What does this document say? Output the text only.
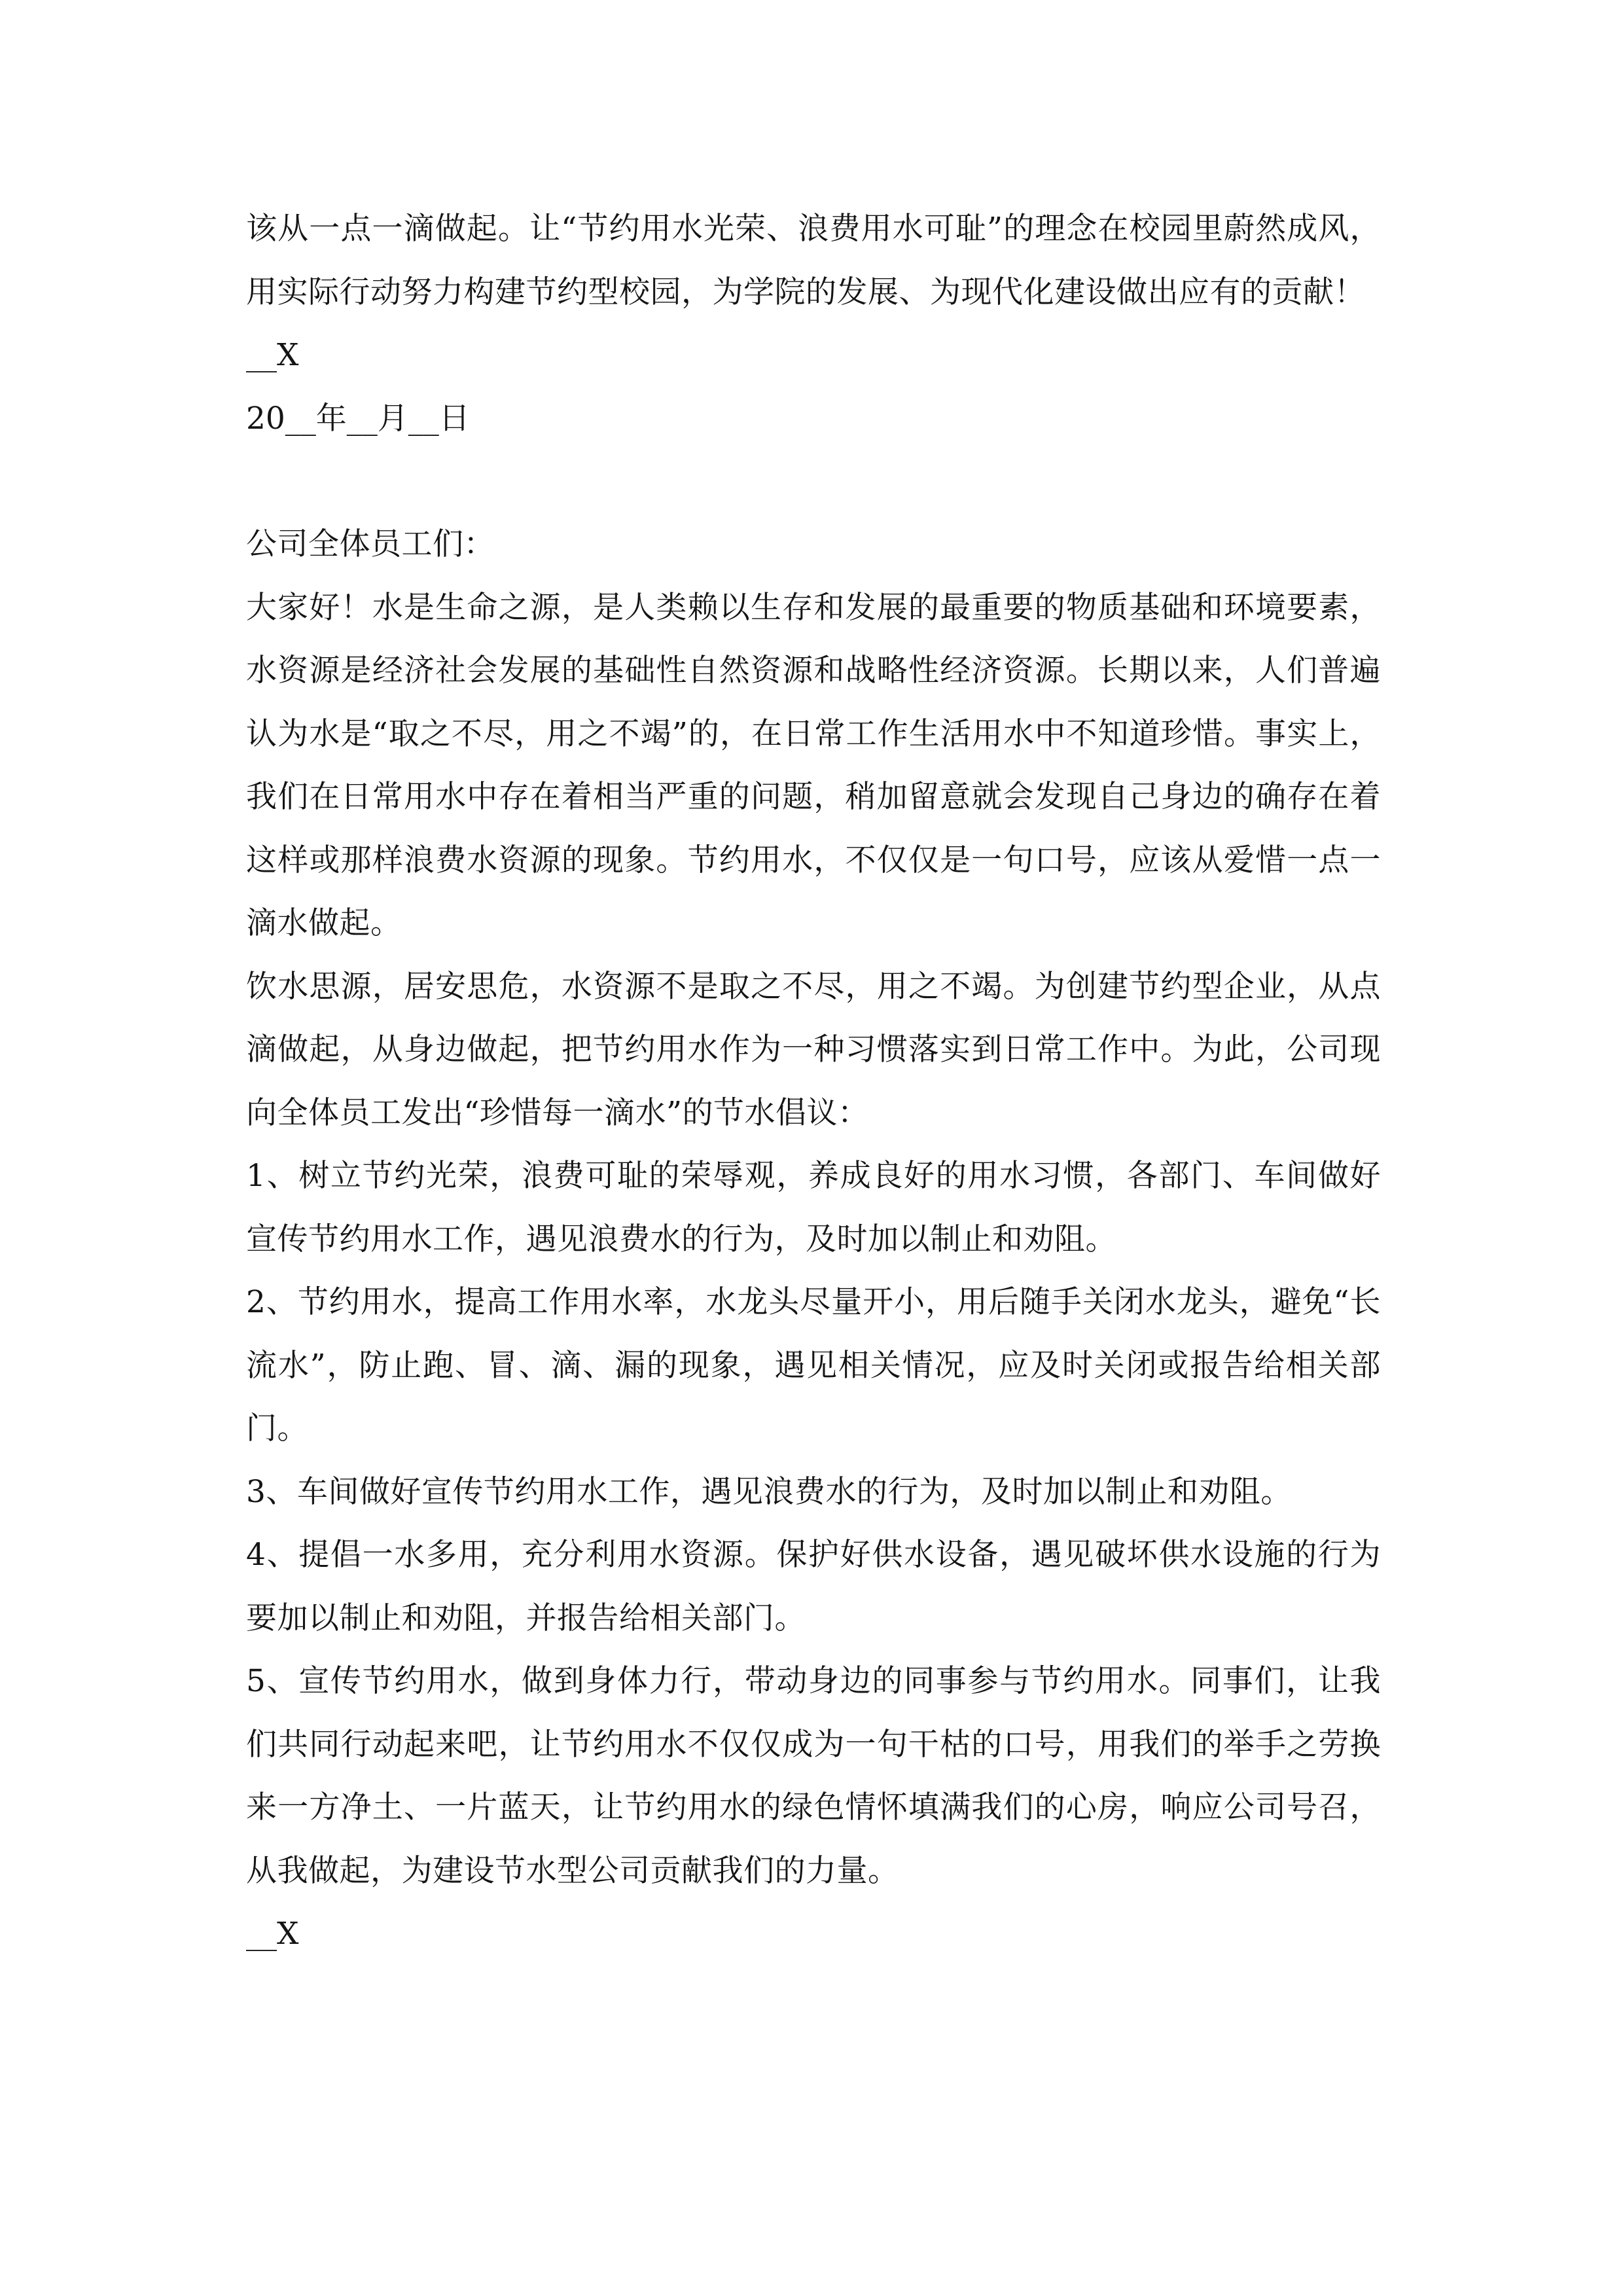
该从一点一滴做起。让“节约用水光荣、浪费用水可耻”的理念在校园里蔚然成风，用实际行动努力构建节约型校园，为学院的发展、为现代化建设做出应有的贡献！

__X

20__年__月__日

公司全体员工们：

大家好！水是生命之源，是人类赖以生存和发展的最重要的物质基础和环境要素，水资源是经济社会发展的基础性自然资源和战略性经济资源。长期以来，人们普遍认为水是“取之不尽，用之不竭”的，在日常工作生活用水中不知道珍惜。事实上，我们在日常用水中存在着相当严重的问题，稍加留意就会发现自己身边的确存在着这样或那样浪费水资源的现象。节约用水，不仅仅是一句口号，应该从爱惜一点一滴水做起。

饮水思源，居安思危，水资源不是取之不尽，用之不竭。为创建节约型企业，从点滴做起，从身边做起，把节约用水作为一种习惯落实到日常工作中。为此，公司现向全体员工发出“珍惜每一滴水”的节水倡议：

1、树立节约光荣，浪费可耻的荣辱观，养成良好的用水习惯，各部门、车间做好宣传节约用水工作，遇见浪费水的行为，及时加以制止和劝阻。

2、节约用水，提高工作用水率，水龙头尽量开小，用后随手关闭水龙头，避免“长流水”，防止跑、冒、滴、漏的现象，遇见相关情况，应及时关闭或报告给相关部门。

3、车间做好宣传节约用水工作，遇见浪费水的行为，及时加以制止和劝阻。

4、提倡一水多用，充分利用水资源。保护好供水设备，遇见破坏供水设施的行为要加以制止和劝阻，并报告给相关部门。

5、宣传节约用水，做到身体力行，带动身边的同事参与节约用水。同事们，让我们共同行动起来吧，让节约用水不仅仅成为一句干枯的口号，用我们的举手之劳换来一方净土、一片蓝天，让节约用水的绿色情怀填满我们的心房，响应公司号召，从我做起，为建设节水型公司贡献我们的力量。

__X
